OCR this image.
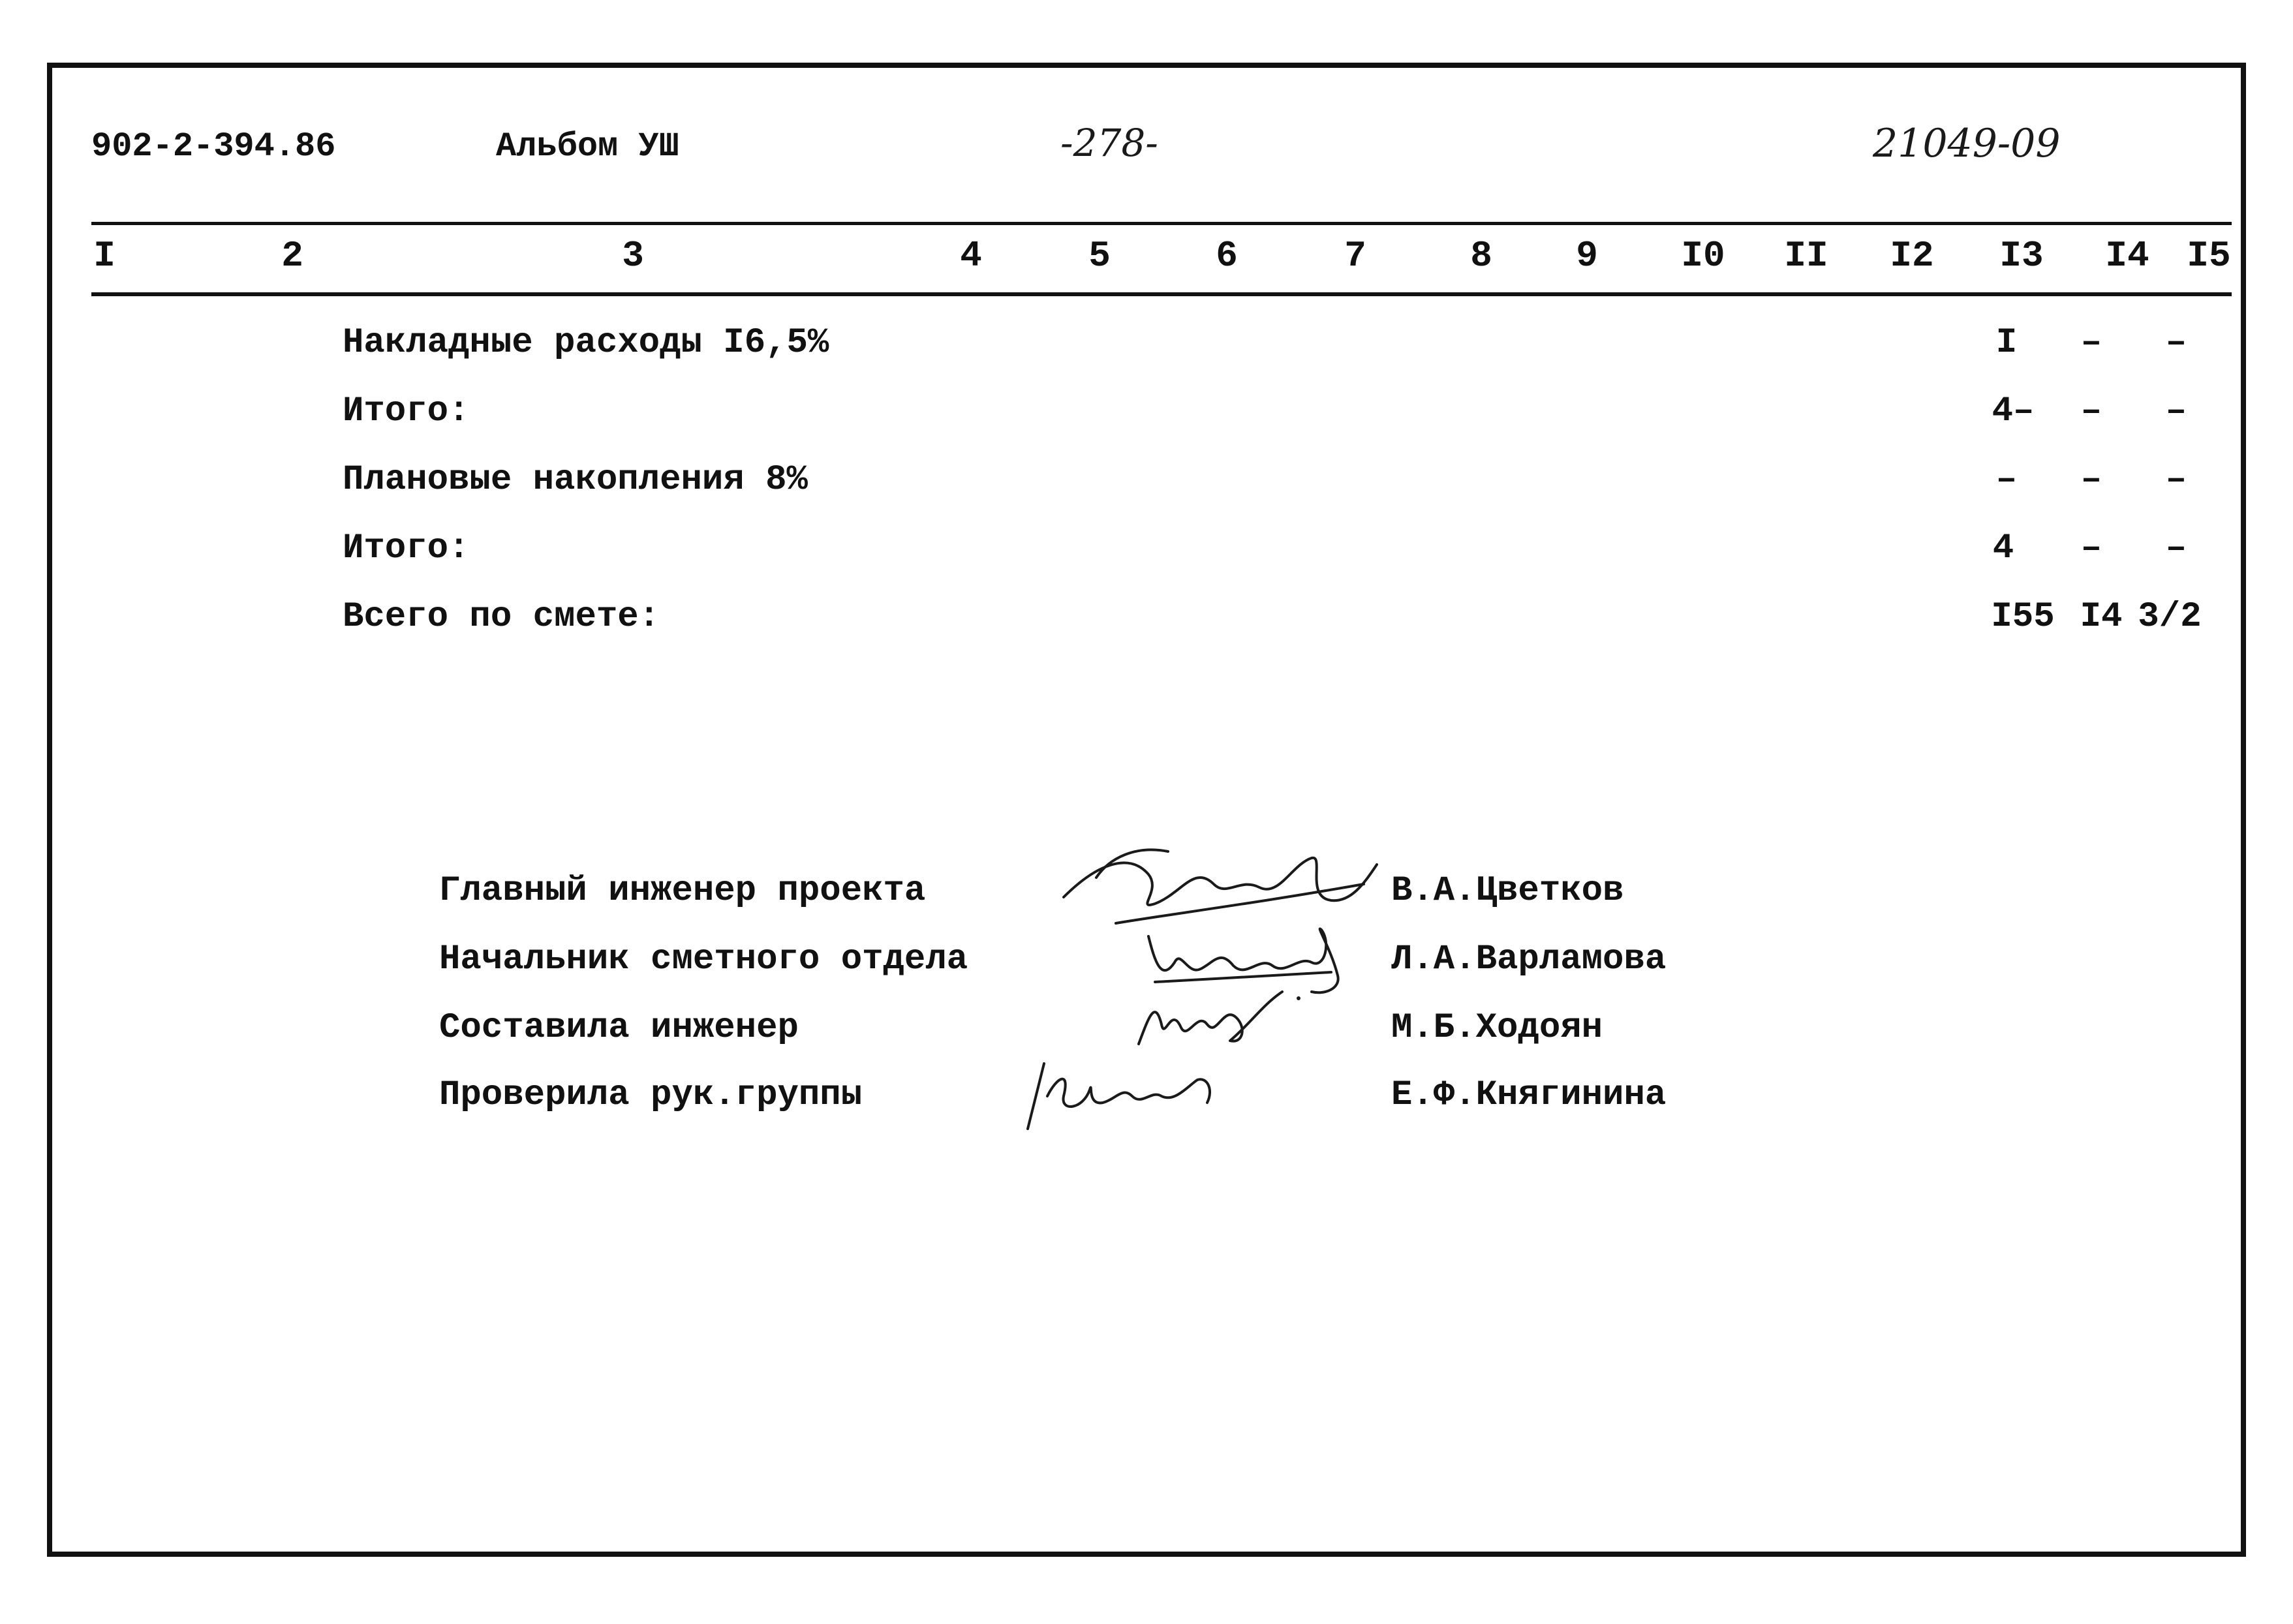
902-2-394.86	Альбом УШ	-278-	21049-09
I	2	3	4	5	6	7	8 9 I0 II I2 I3 I4 I5
Накладные расходы I6,5%	I – –
Итого:	4– – –
Плановые накопления 8%	– – –
Итого:	4 – –
Всего по смете:	I55 I4 3/2
Главный инженер проекта	В.А.Цветков
Начальник сметного отдела	Л.А.Варламова
Составила инженер	М.Б.Ходоян
Проверила рук.группы	Е.Ф.Княгинина
